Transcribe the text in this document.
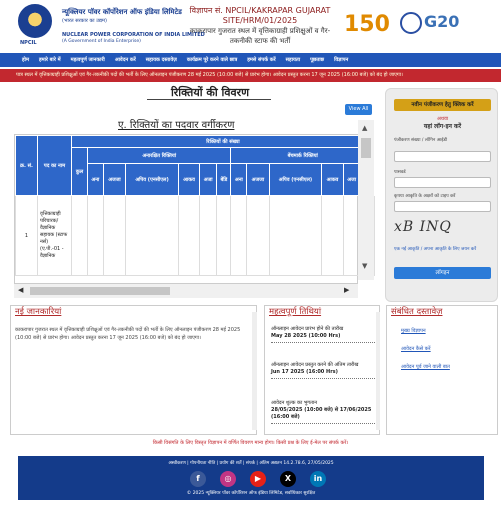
NPCIL
न्यूक्लियर पॉवर कॉर्पोरेशन ऑफ इंडिया लिमिटेड
(भारत सरकार का उद्यम)
NUCLEAR POWER CORPORATION OF INDIA LIMITED
(A Government of India Enterprise)
विज्ञापन सं. NPCIL/KAKRAPAR GUJARAT SITE/HRM/01/2025
काकरापार गुजरात स्थल में वृत्तिकाग्राही प्रशिक्षुओं व गैर-तकनीकी स्टाफ की भर्ती
150 G20
होम हमारे बारे में महत्वपूर्ण जानकारी आवेदन करें सहायक दस्तावेज़ कार्यक्रम पूरे करने वाले छात्र हमसे संपर्क करें सहायता पूछताछ विज्ञापन
पात्र स्थल में वृत्तिकाग्राही प्रशिक्षुओं एवं गैर-तकनीकी पदों की भर्ती के लिए ऑनलाइन पंजीकरण 28 मई 2025 (10:00 बजे) से प्रारंभ होगा। आवेदन प्रस्तुत करना 17 जून 2025 (16:00 बजे) को बंद हो जाएगा।
रिक्तियों की विवरण
View All
ए. रिक्तियों का पदवार वर्गीकरण
क्र. सं.	पद का नाम	रिक्तियों की संख्या												
		कुल	अनारक्षित रिक्तियां						बेंचमार्क रिक्तियां					
			अना	अजजा	अपिव (एनसीएल)	आकव	अजा	बेंडि	अना	अजजा	अपिव (एनसीएल)	आकव	अजा	
1	वृत्तिकाग्राही परिचारक/ वैज्ञानिक सहायक (स्टाफ नर्स) (ए.पी.-01 - वैज्ञानिक													
▲
▼
◀	▶
नवीन पंजीकरण हेतु क्लिक करें
अथवा
यहां लॉग-इन करें
पंजीकरण संख्या / लॉगिन आईडी
पासवर्ड
कृपया आकृति के अक्षरों को टाइप करें
xB INQ
एक नई आकृति / अपना आकृति के लिए जयन करें
लॉगइन
नई जानकारियां
काकरापार गुजरात स्थल में वृत्तिकाग्राही प्रशिक्षुओं एवं गैर-तकनीकी पदों की भर्ती के लिए ऑनलाइन पंजीकरण 28 मई 2025 (10:00 बजे) से प्रारंभ होगा। आवेदन प्रस्तुत करना 17 जून 2025 (16:00 बजे) को बंद हो जाएगा।
महत्वपूर्ण तिथियां
ऑनलाइन आवेदन प्रारंभ होने की तारीख
May 28 2025 (10:00 Hrs)
ऑनलाइन आवेदन प्रस्तुत करने की अंतिम तारीख
Jun 17 2025 (16:00 Hrs)
आवेदन शुल्क का भुगतान
28/05/2025 (10:00 बजे) से 17/06/2025 (16:00 बजे)
संबंधित दस्तावेज़
मुख्य विज्ञापन
आवेदन कैसे करें
आवेदन पूर्व जाने वाली बात
किसी विसंगति के लिए विस्तृत विज्ञापन में वर्णित विवरण मान्य होगा। किसी प्रश्न के लिए ई-मेल पर संपर्क करें।
अस्वीकरण | गोपनीयता नीति | प्रयोग की शर्तें | संपर्क | अंतिम अद्यतन 14.2.78.6, 27/05/2025
f	◎	▶	X	in
© 2025 न्यूक्लियर पॉवर कॉर्पोरेशन ऑफ इंडिया लिमिटेड, सर्वाधिकार सुरक्षित
